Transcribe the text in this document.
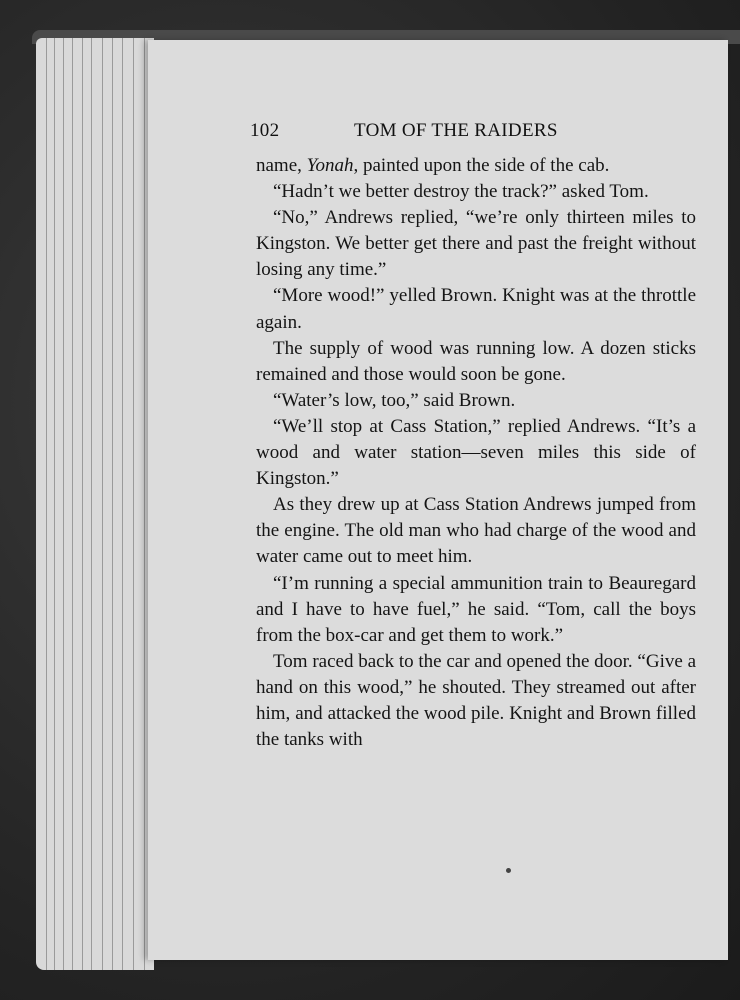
102	TOM OF THE RAIDERS

name, Yonah, painted upon the side of the cab.

“Hadn’t we better destroy the track?” asked Tom.

“No,” Andrews replied, “we’re only thirteen miles to Kingston. We better get there and past the freight without losing any time.”

“More wood!” yelled Brown. Knight was at the throttle again.

The supply of wood was running low. A dozen sticks remained and those would soon be gone.

“Water’s low, too,” said Brown.

“We’ll stop at Cass Station,” replied Andrews. “It’s a wood and water station—seven miles this side of Kingston.”

As they drew up at Cass Station Andrews jumped from the engine. The old man who had charge of the wood and water came out to meet him.

“I’m running a special ammunition train to Beauregard and I have to have fuel,” he said. “Tom, call the boys from the box-car and get them to work.”

Tom raced back to the car and opened the door. “Give a hand on this wood,” he shouted. They streamed out after him, and attacked the wood pile. Knight and Brown filled the tanks with
